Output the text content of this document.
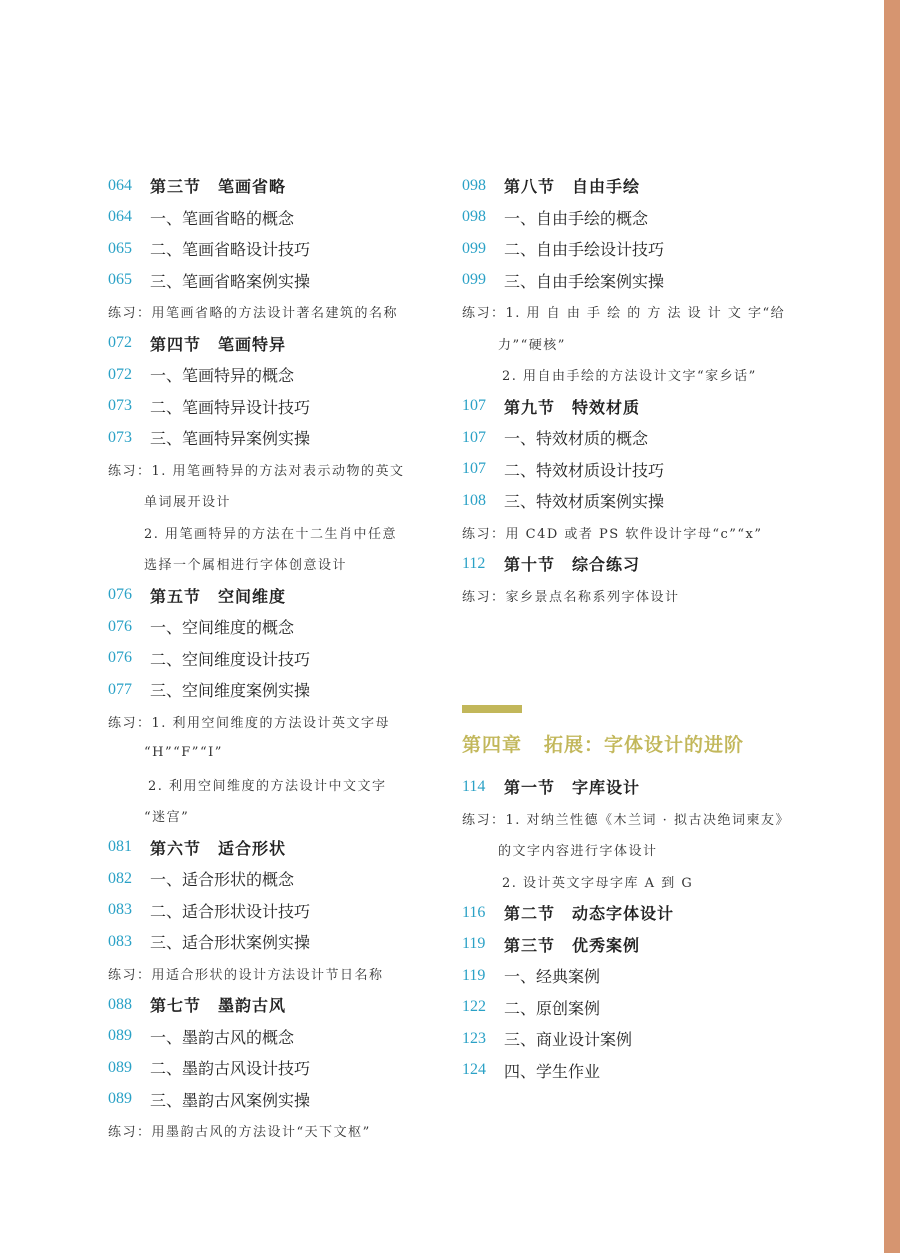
064	第三节　笔画省略
064	一、笔画省略的概念
065	二、笔画省略设计技巧
065	三、笔画省略案例实操
练习： 用笔画省略的方法设计著名建筑的名称
072	第四节　笔画特异
072	一、笔画特异的概念
073	二、笔画特异设计技巧
073	三、笔画特异案例实操
练习： 1. 用笔画特异的方法对表示动物的英文
单词展开设计
2. 用笔画特异的方法在十二生肖中任意
选择一个属相进行字体创意设计
076	第五节　空间维度
076	一、空间维度的概念
076	二、空间维度设计技巧
077	三、空间维度案例实操
练习： 1. 利用空间维度的方法设计英文字母
“H”“F”“I”
2. 利用空间维度的方法设计中文文字
“迷宫”
081	第六节　适合形状
082	一、适合形状的概念
083	二、适合形状设计技巧
083	三、适合形状案例实操
练习： 用适合形状的设计方法设计节日名称
088	第七节　墨韵古风
089	一、墨韵古风的概念
089	二、墨韵古风设计技巧
089	三、墨韵古风案例实操
练习： 用墨韵古风的方法设计“天下文枢”
098	第八节　自由手绘
098	一、自由手绘的概念
099	二、自由手绘设计技巧
099	三、自由手绘案例实操
练习： 1. 用 自 由 手 绘 的 方 法 设 计 文 字“给
力”“硬核”
2. 用自由手绘的方法设计文字“家乡话”
107	第九节　特效材质
107	一、特效材质的概念
107	二、特效材质设计技巧
108	三、特效材质案例实操
练习： 用 C4D 或者 PS 软件设计字母“c”“x”
112	第十节　综合练习
练习： 家乡景点名称系列字体设计
第四章 拓展：字体设计的进阶
114	第一节　字库设计
练习： 1. 对纳兰性德《木兰词 · 拟古决绝词柬友》
的文字内容进行字体设计
2. 设计英文字母字库 A 到 G
116	第二节　动态字体设计
119	第三节　优秀案例
119	一、经典案例
122	二、原创案例
123	三、商业设计案例
124	四、学生作业
